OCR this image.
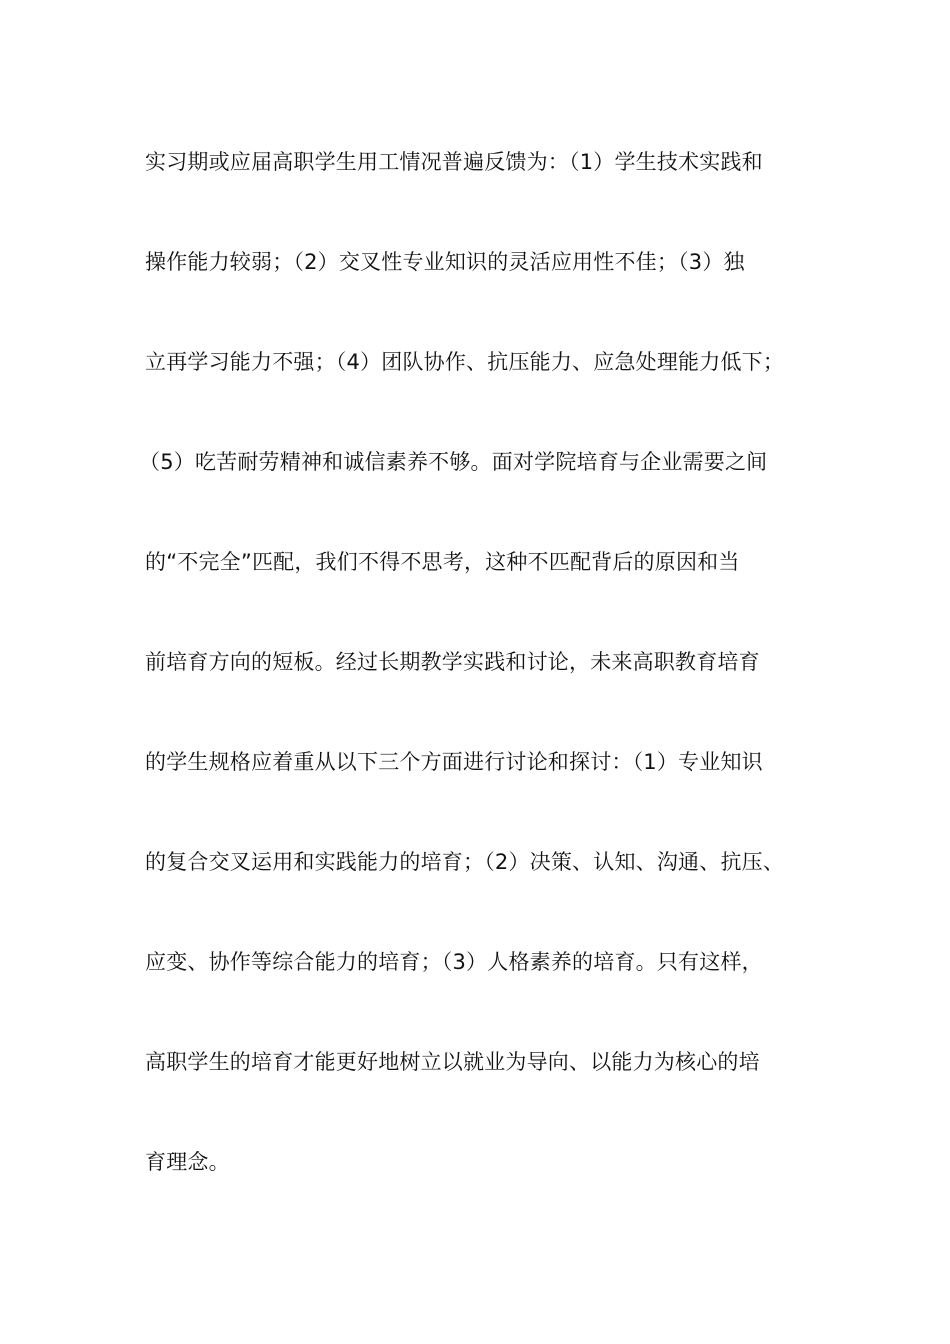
实习期或应届高职学生用工情况普遍反馈为：（1）学生技术实践和
操作能力较弱；（2）交叉性专业知识的灵活应用性不佳；（3）独
立再学习能力不强；（4）团队协作、抗压能力、应急处理能力低下；
（5）吃苦耐劳精神和诚信素养不够。面对学院培育与企业需要之间
的“不完全”匹配，我们不得不思考，这种不匹配背后的原因和当
前培育方向的短板。经过长期教学实践和讨论，未来高职教育培育
的学生规格应着重从以下三个方面进行讨论和探讨：（1）专业知识
的复合交叉运用和实践能力的培育；（2）决策、认知、沟通、抗压、
应变、协作等综合能力的培育；（3）人格素养的培育。只有这样，
高职学生的培育才能更好地树立以就业为导向、以能力为核心的培
育理念。
